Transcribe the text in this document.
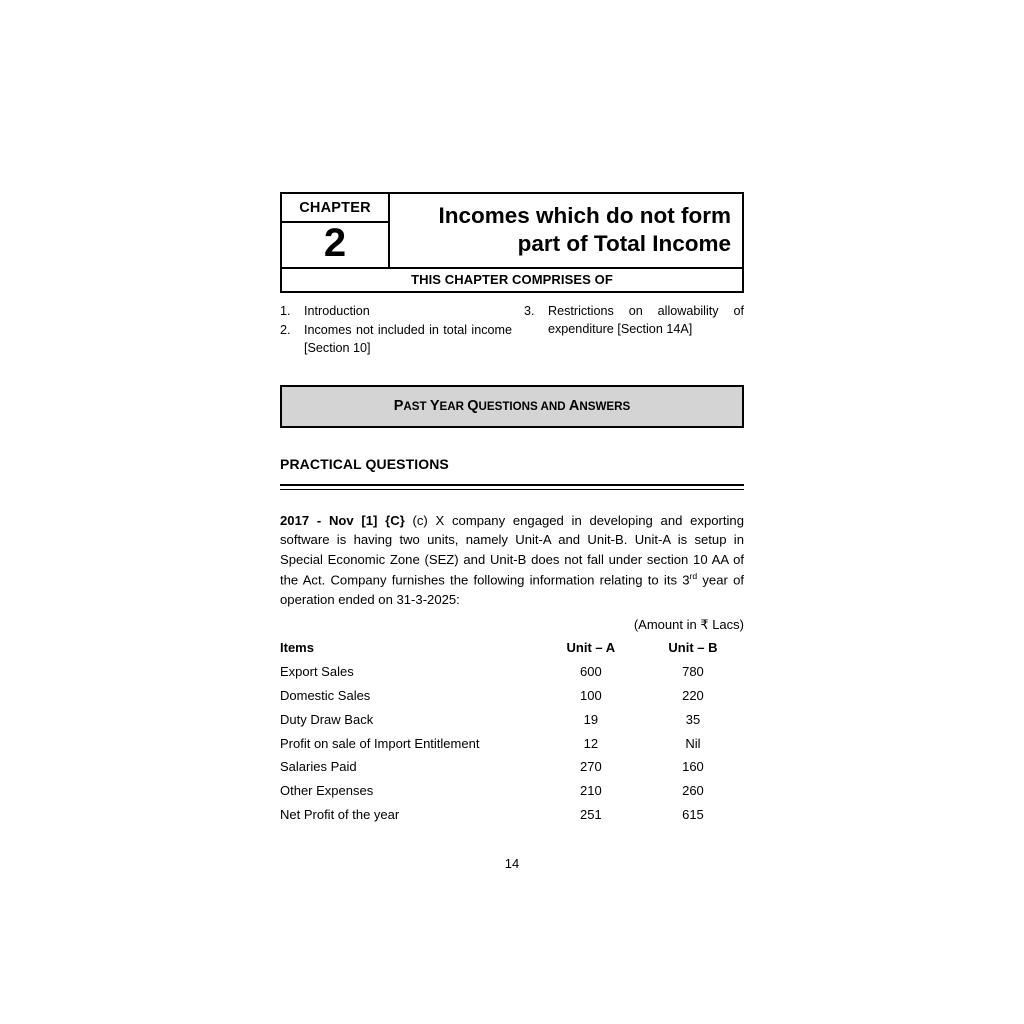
CHAPTER
2
Incomes which do not form
part of Total Income
THIS CHAPTER COMPRISES OF
1.	Introduction
2.	Incomes not included in total income [Section 10]
3.	Restrictions on allowability of expenditure [Section 14A]
PAST YEAR QUESTIONS AND ANSWERS
PRACTICAL QUESTIONS
2017 - Nov [1] {C} (c) X company engaged in developing and exporting software is having two units, namely Unit-A and Unit-B. Unit-A is setup in Special Economic Zone (SEZ) and Unit-B does not fall under section 10 AA of the Act. Company furnishes the following information relating to its 3rd year of operation ended on 31-3-2025:
(Amount in ₹ Lacs)
Items	Unit – A	Unit – B
Export Sales	600	780
Domestic Sales	100	220
Duty Draw Back	19	35
Profit on sale of Import Entitlement	12	Nil
Salaries Paid	270	160
Other Expenses	210	260
Net Profit of the year	251	615
14
